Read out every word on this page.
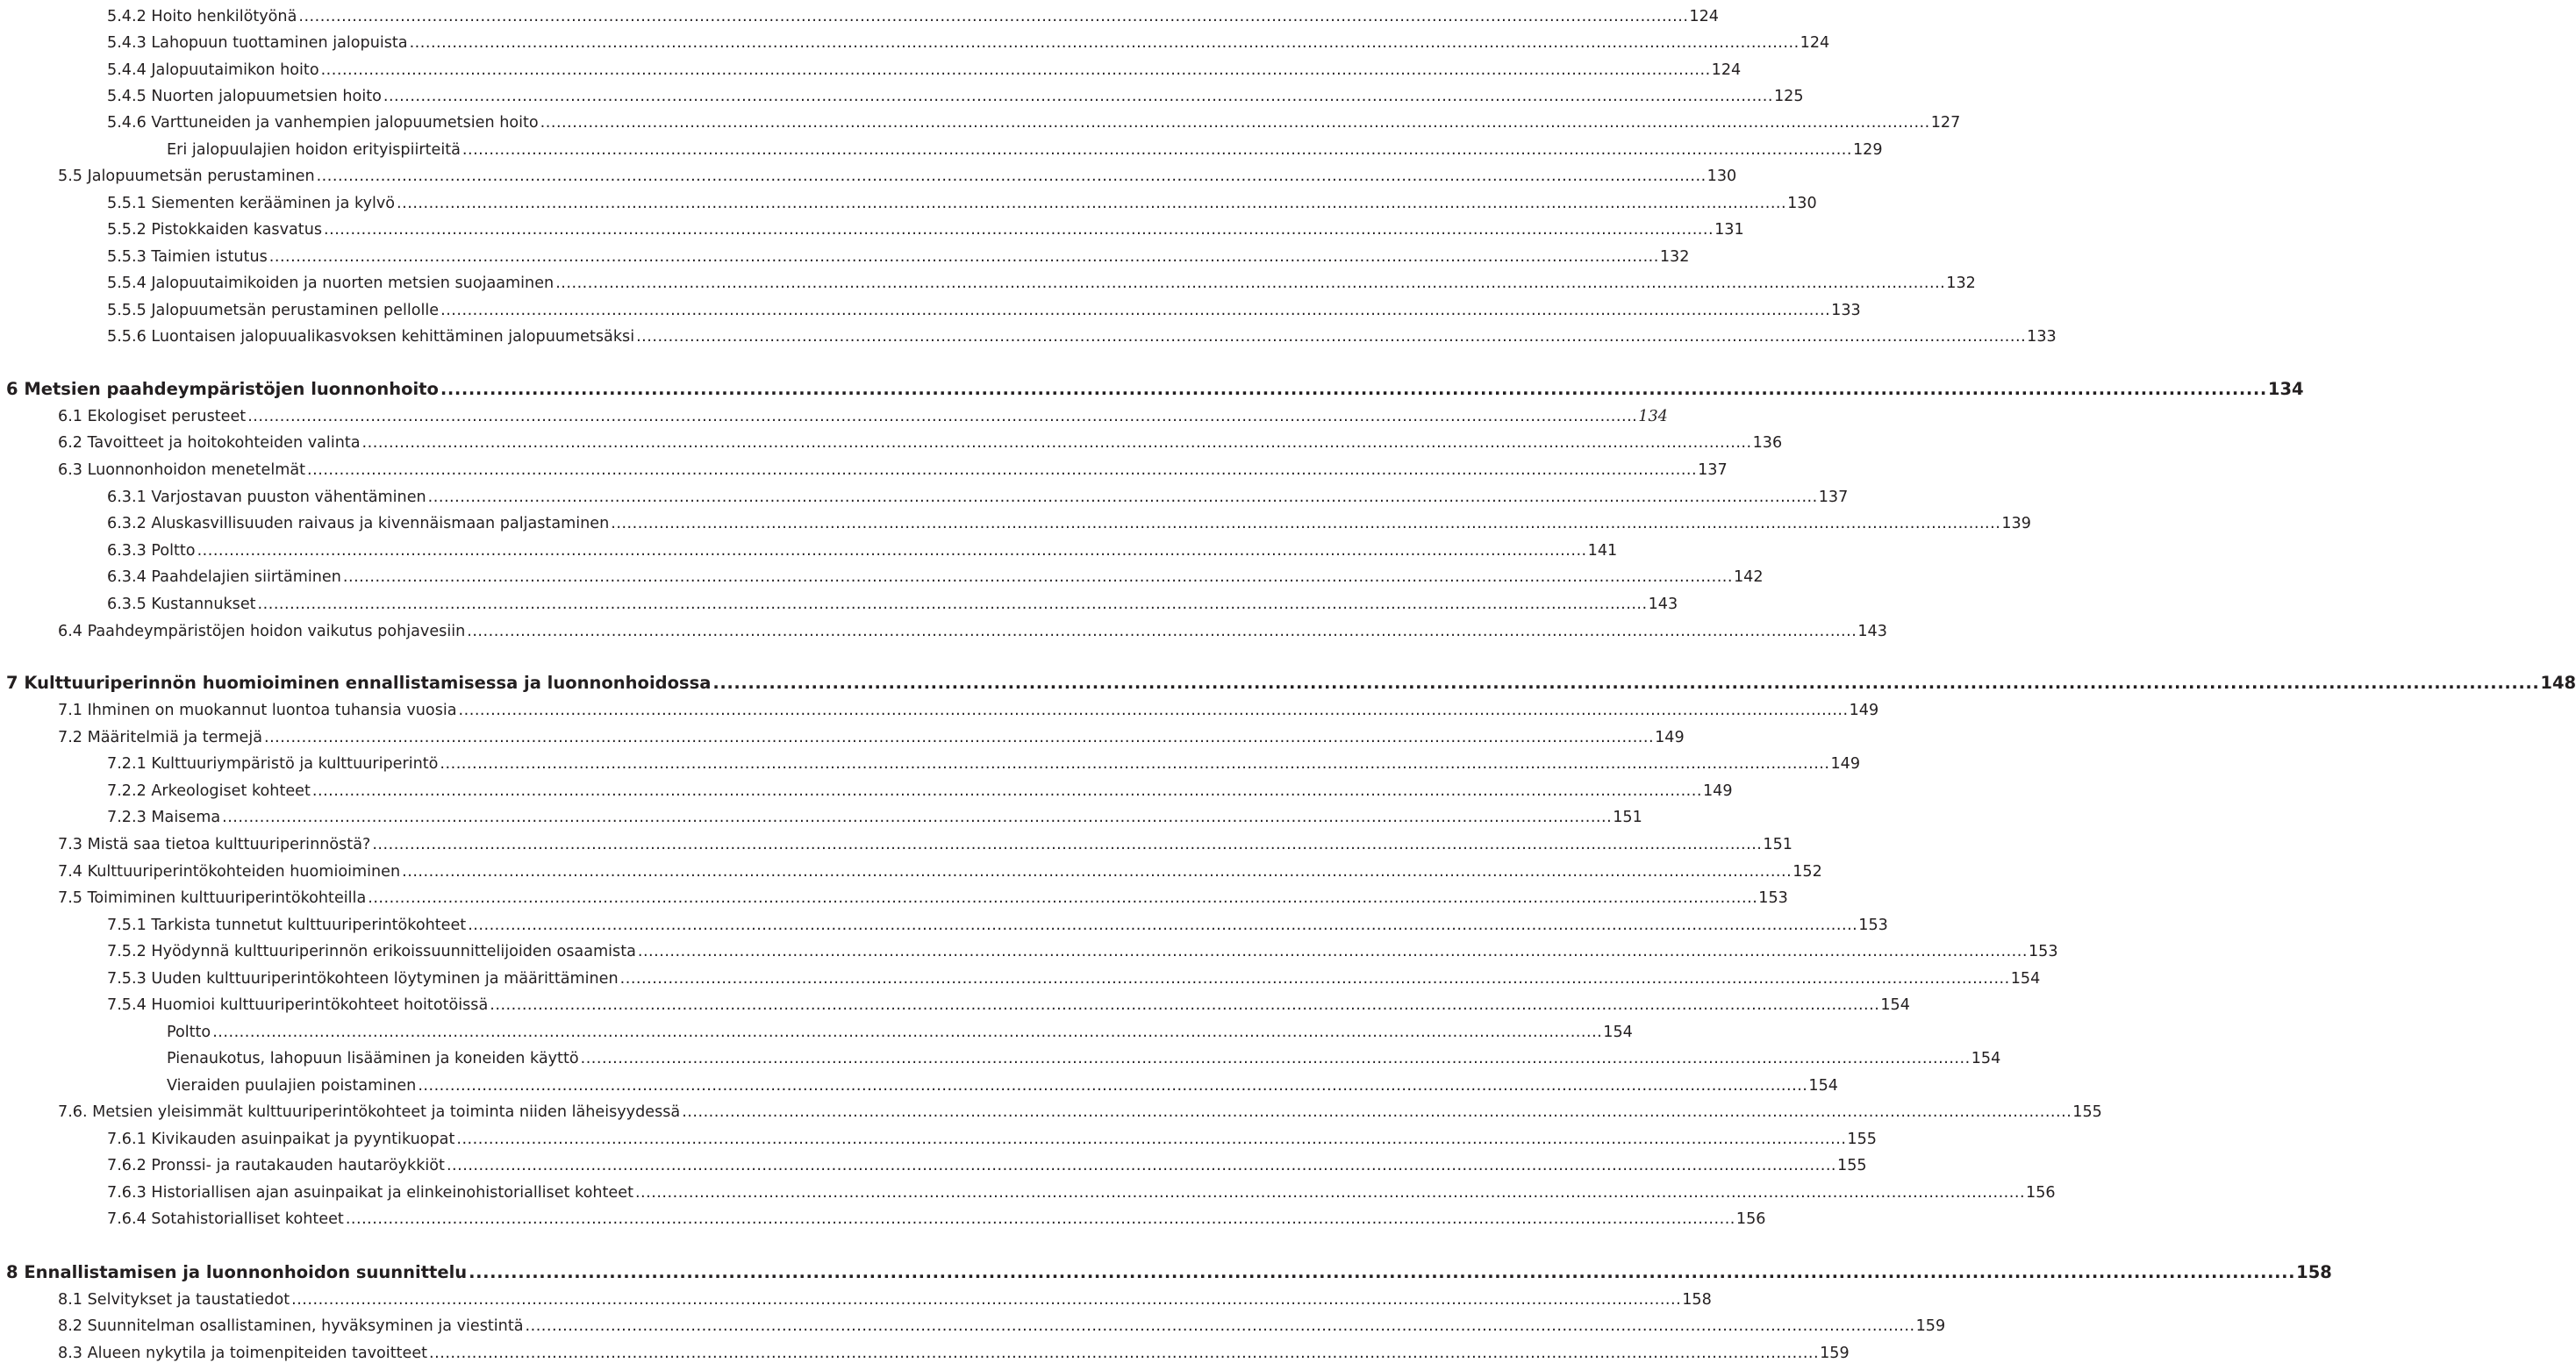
5.4.2 Hoito henkilötyönä .................................................................................................................................................................................................................................................................... 124
5.4.3 Lahopuun tuottaminen jalopuista .................................................................................................................................................................................................................................................................... 124
5.4.4 Jalopuutaimikon hoito .................................................................................................................................................................................................................................................................... 124
5.4.5 Nuorten jalopuumetsien hoito .................................................................................................................................................................................................................................................................... 125
5.4.6 Varttuneiden ja vanhempien jalopuumetsien hoito .................................................................................................................................................................................................................................................................... 127
Eri jalopuulajien hoidon erityispiirteitä .................................................................................................................................................................................................................................................................... 129
5.5 Jalopuumetsän perustaminen .................................................................................................................................................................................................................................................................... 130
5.5.1 Siementen kerääminen ja kylvö .................................................................................................................................................................................................................................................................... 130
5.5.2 Pistokkaiden kasvatus .................................................................................................................................................................................................................................................................... 131
5.5.3 Taimien istutus .................................................................................................................................................................................................................................................................... 132
5.5.4 Jalopuutaimikoiden ja nuorten metsien suojaaminen .................................................................................................................................................................................................................................................................... 132
5.5.5 Jalopuumetsän perustaminen pellolle .................................................................................................................................................................................................................................................................... 133
5.5.6 Luontaisen jalopuualikasvoksen kehittäminen jalopuumetsäksi .................................................................................................................................................................................................................................................................... 133
6 Metsien paahdeympäristöjen luonnonhoito .................................................................................................................................................................................................................................................................... 134
6.1 Ekologiset perusteet .................................................................................................................................................................................................................................................................... 134
6.2 Tavoitteet ja hoitokohteiden valinta .................................................................................................................................................................................................................................................................... 136
6.3 Luonnonhoidon menetelmät .................................................................................................................................................................................................................................................................... 137
6.3.1 Varjostavan puuston vähentäminen .................................................................................................................................................................................................................................................................... 137
6.3.2 Aluskasvillisuuden raivaus ja kivennäismaan paljastaminen .................................................................................................................................................................................................................................................................... 139
6.3.3 Poltto .................................................................................................................................................................................................................................................................... 141
6.3.4 Paahdelajien siirtäminen .................................................................................................................................................................................................................................................................... 142
6.3.5 Kustannukset .................................................................................................................................................................................................................................................................... 143
6.4 Paahdeympäristöjen hoidon vaikutus pohjavesiin .................................................................................................................................................................................................................................................................... 143
7 Kulttuuriperinnön huomioiminen ennallistamisessa ja luonnonhoidossa .................................................................................................................................................................................................................................................................... 148
7.1 Ihminen on muokannut luontoa tuhansia vuosia .................................................................................................................................................................................................................................................................... 149
7.2 Määritelmiä ja termejä .................................................................................................................................................................................................................................................................... 149
7.2.1 Kulttuuriympäristö ja kulttuuriperintö .................................................................................................................................................................................................................................................................... 149
7.2.2 Arkeologiset kohteet .................................................................................................................................................................................................................................................................... 149
7.2.3 Maisema .................................................................................................................................................................................................................................................................... 151
7.3 Mistä saa tietoa kulttuuriperinnöstä? .................................................................................................................................................................................................................................................................... 151
7.4 Kulttuuriperintökohteiden huomioiminen .................................................................................................................................................................................................................................................................... 152
7.5 Toimiminen kulttuuriperintökohteilla .................................................................................................................................................................................................................................................................... 153
7.5.1 Tarkista tunnetut kulttuuriperintökohteet .................................................................................................................................................................................................................................................................... 153
7.5.2 Hyödynnä kulttuuriperinnön erikoissuunnittelijoiden osaamista .................................................................................................................................................................................................................................................................... 153
7.5.3 Uuden kulttuuriperintökohteen löytyminen ja määrittäminen .................................................................................................................................................................................................................................................................... 154
7.5.4 Huomioi kulttuuriperintökohteet hoitotöissä .................................................................................................................................................................................................................................................................... 154
Poltto .................................................................................................................................................................................................................................................................... 154
Pienaukotus, lahopuun lisääminen ja koneiden käyttö .................................................................................................................................................................................................................................................................... 154
Vieraiden puulajien poistaminen .................................................................................................................................................................................................................................................................... 154
7.6. Metsien yleisimmät kulttuuriperintökohteet ja toiminta niiden läheisyydessä .................................................................................................................................................................................................................................................................... 155
7.6.1 Kivikauden asuinpaikat ja pyyntikuopat .................................................................................................................................................................................................................................................................... 155
7.6.2 Pronssi- ja rautakauden hautaröykkiöt .................................................................................................................................................................................................................................................................... 155
7.6.3 Historiallisen ajan asuinpaikat ja elinkeinohistorialliset kohteet .................................................................................................................................................................................................................................................................... 156
7.6.4 Sotahistorialliset kohteet .................................................................................................................................................................................................................................................................... 156
8 Ennallistamisen ja luonnonhoidon suunnittelu .................................................................................................................................................................................................................................................................... 158
8.1 Selvitykset ja taustatiedot .................................................................................................................................................................................................................................................................... 158
8.2 Suunnitelman osallistaminen, hyväksyminen ja viestintä .................................................................................................................................................................................................................................................................... 159
8.3 Alueen nykytila ja toimenpiteiden tavoitteet .................................................................................................................................................................................................................................................................... 159
